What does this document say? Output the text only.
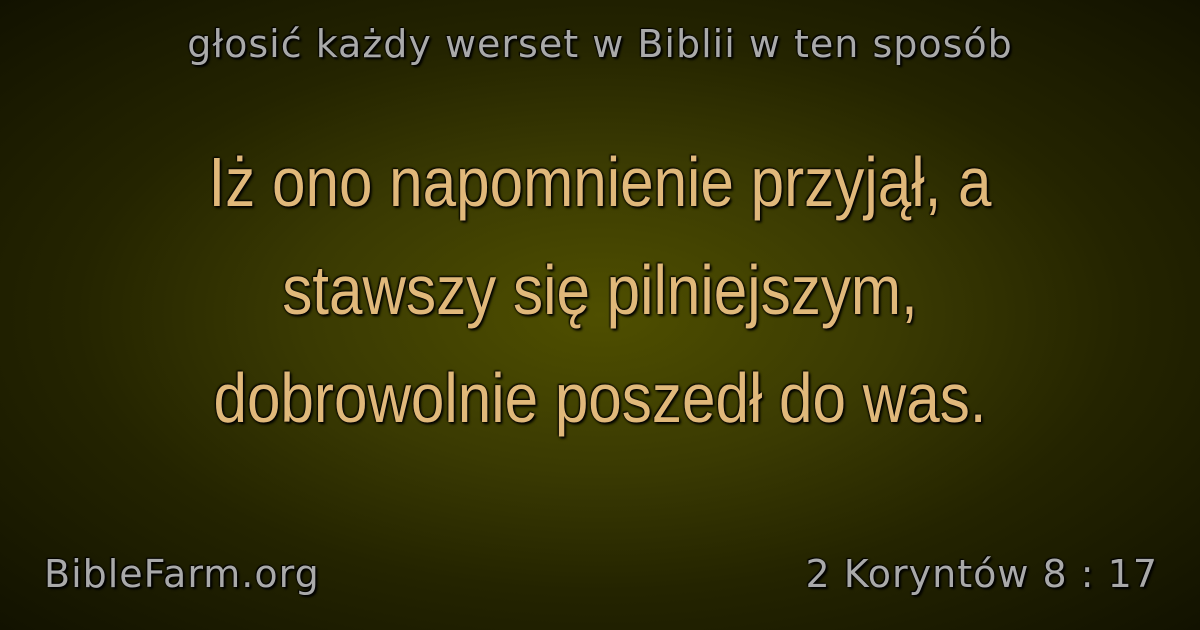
głosić każdy werset w Biblii w ten sposób
Iż ono napomnienie przyjął, a
stawszy się pilniejszym,
dobrowolnie poszedł do was.
BibleFarm.org	2 Koryntów 8 : 17
